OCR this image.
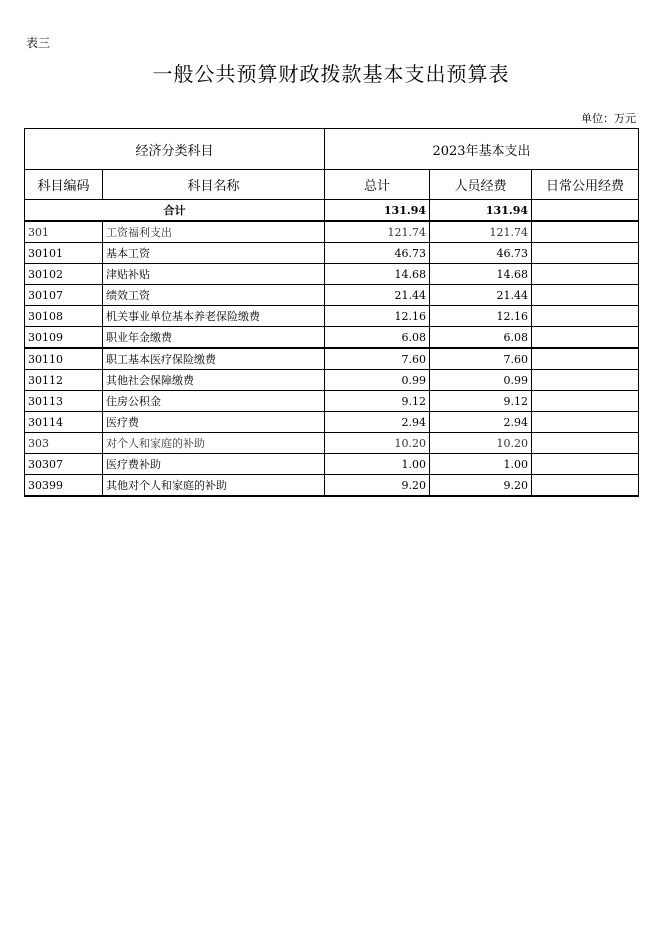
表三
一般公共预算财政拨款基本支出预算表
单位：万元
经济分类科目		2023年基本支出		
科目编码	科目名称	总计	人员经费	日常公用经费
合计		131.94	131.94	
301	工资福利支出	121.74	121.74	
30101	基本工资	46.73	46.73	
30102	津贴补贴	14.68	14.68	
30107	绩效工资	21.44	21.44	
30108	机关事业单位基本养老保险缴费	12.16	12.16	
30109	职业年金缴费	6.08	6.08	
30110	职工基本医疗保险缴费	7.60	7.60	
30112	其他社会保障缴费	0.99	0.99	
30113	住房公积金	9.12	9.12	
30114	医疗费	2.94	2.94	
303	对个人和家庭的补助	10.20	10.20	
30307	医疗费补助	1.00	1.00	
30399	其他对个人和家庭的补助	9.20	9.20	
